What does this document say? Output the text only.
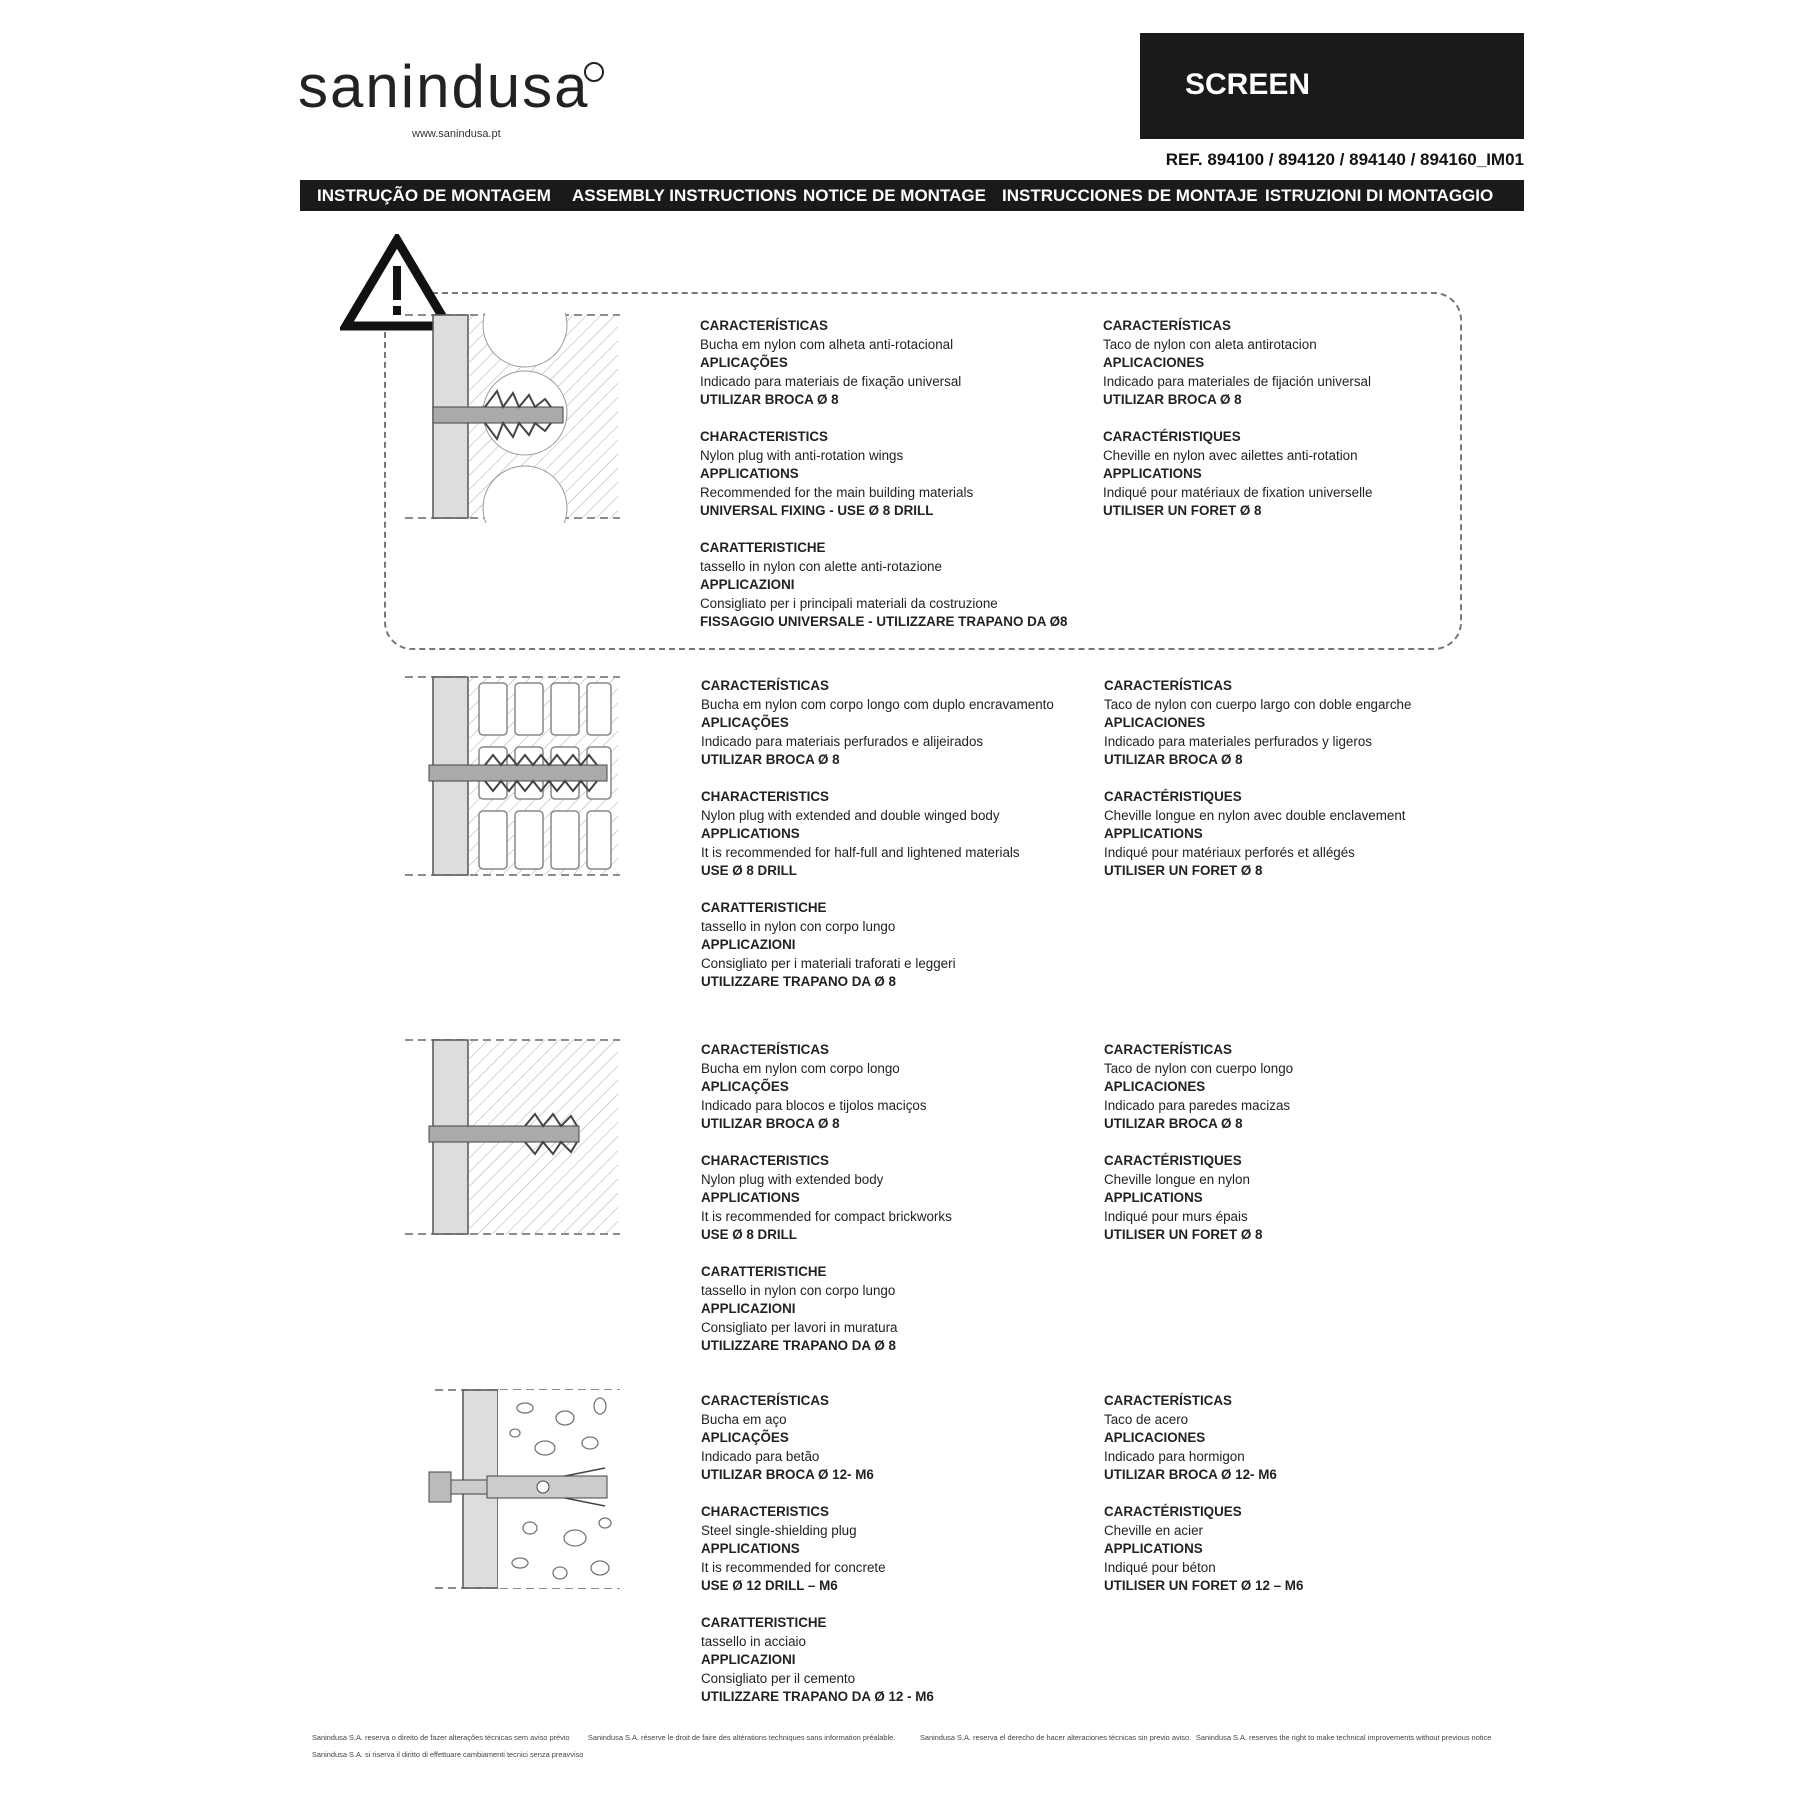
sanindusa
www.sanindusa.pt
SCREEN
REF. 894100 / 894120 / 894140 / 894160_IM01
INSTRUÇÃO DE MONTAGEM ASSEMBLY INSTRUCTIONS NOTICE DE MONTAGE INSTRUCCIONES DE MONTAJE ISTRUZIONI DI MONTAGGIO
CARACTERÍSTICAS
Bucha em nylon com alheta anti-rotacional
APLICAÇÕES
Indicado para materiais de fixação universal
UTILIZAR BROCA Ø 8
CHARACTERISTICS
Nylon plug with anti-rotation wings
APPLICATIONS
Recommended for the main building materials
UNIVERSAL FIXING - USE Ø 8 DRILL
CARATTERISTICHE
tassello in nylon con alette anti-rotazione
APPLICAZIONI
Consigliato per i principali materiali da costruzione
FISSAGGIO UNIVERSALE - UTILIZZARE TRAPANO DA Ø8
CARACTERÍSTICAS
Taco de nylon con aleta antirotacion
APLICACIONES
Indicado para materiales de fijación universal
UTILIZAR BROCA Ø 8
CARACTÉRISTIQUES
Cheville en nylon avec ailettes anti-rotation
APPLICATIONS
Indiqué pour matériaux de fixation universelle
UTILISER UN FORET Ø 8
CARACTERÍSTICAS
Bucha em nylon com corpo longo com duplo encravamento
APLICAÇÕES
Indicado para materiais perfurados e alijeirados
UTILIZAR BROCA Ø 8
CHARACTERISTICS
Nylon plug with extended and double winged body
APPLICATIONS
It is recommended for half-full and lightened materials
USE Ø 8 DRILL
CARATTERISTICHE
tassello in nylon con corpo lungo
APPLICAZIONI
Consigliato per i materiali traforati e leggeri
UTILIZZARE TRAPANO DA Ø 8
CARACTERÍSTICAS
Taco de nylon con cuerpo largo con doble engarche
APLICACIONES
Indicado para materiales perfurados y ligeros
UTILIZAR BROCA Ø 8
CARACTÉRISTIQUES
Cheville longue en nylon avec double enclavement
APPLICATIONS
Indiqué pour matériaux perforés et allégés
UTILISER UN FORET Ø 8
CARACTERÍSTICAS
Bucha em nylon com corpo longo
APLICAÇÕES
Indicado para blocos e tijolos maciços
UTILIZAR BROCA Ø 8
CHARACTERISTICS
Nylon plug with extended body
APPLICATIONS
It is recommended for compact brickworks
USE Ø 8 DRILL
CARATTERISTICHE
tassello in nylon con corpo lungo
APPLICAZIONI
Consigliato per lavori in muratura
UTILIZZARE TRAPANO DA Ø 8
CARACTERÍSTICAS
Taco de nylon con cuerpo longo
APLICACIONES
Indicado para paredes macizas
UTILIZAR BROCA Ø 8
CARACTÉRISTIQUES
Cheville longue en nylon
APPLICATIONS
Indiqué pour murs épais
UTILISER UN FORET Ø 8
CARACTERÍSTICAS
Bucha em aço
APLICAÇÕES
Indicado para betão
UTILIZAR BROCA Ø 12- M6
CHARACTERISTICS
Steel single-shielding plug
APPLICATIONS
It is recommended for concrete
USE Ø 12 DRILL – M6
CARATTERISTICHE
tassello in acciaio
APPLICAZIONI
Consigliato per il cemento
UTILIZZARE TRAPANO DA Ø 12 - M6
CARACTERÍSTICAS
Taco de acero
APLICACIONES
Indicado para hormigon
UTILIZAR BROCA Ø 12- M6
CARACTÉRISTIQUES
Cheville en acier
APPLICATIONS
Indiqué pour béton
UTILISER UN FORET Ø 12 – M6
Sanindusa S.A. reserva o direito de fazer alterações técnicas sem aviso prévio
Sanindusa S.A. si riserva il diritto di effettuare cambiamenti tecnici senza preavviso
Sanindusa S.A. réserve le droit de faire des altérations techniques sans information préalable.	Sanindusa S.A. reserva el derecho de hacer alteraciones técnicas sin previo aviso. Sanindusa S.A. reserves the right to make technical improvements without previous notice
